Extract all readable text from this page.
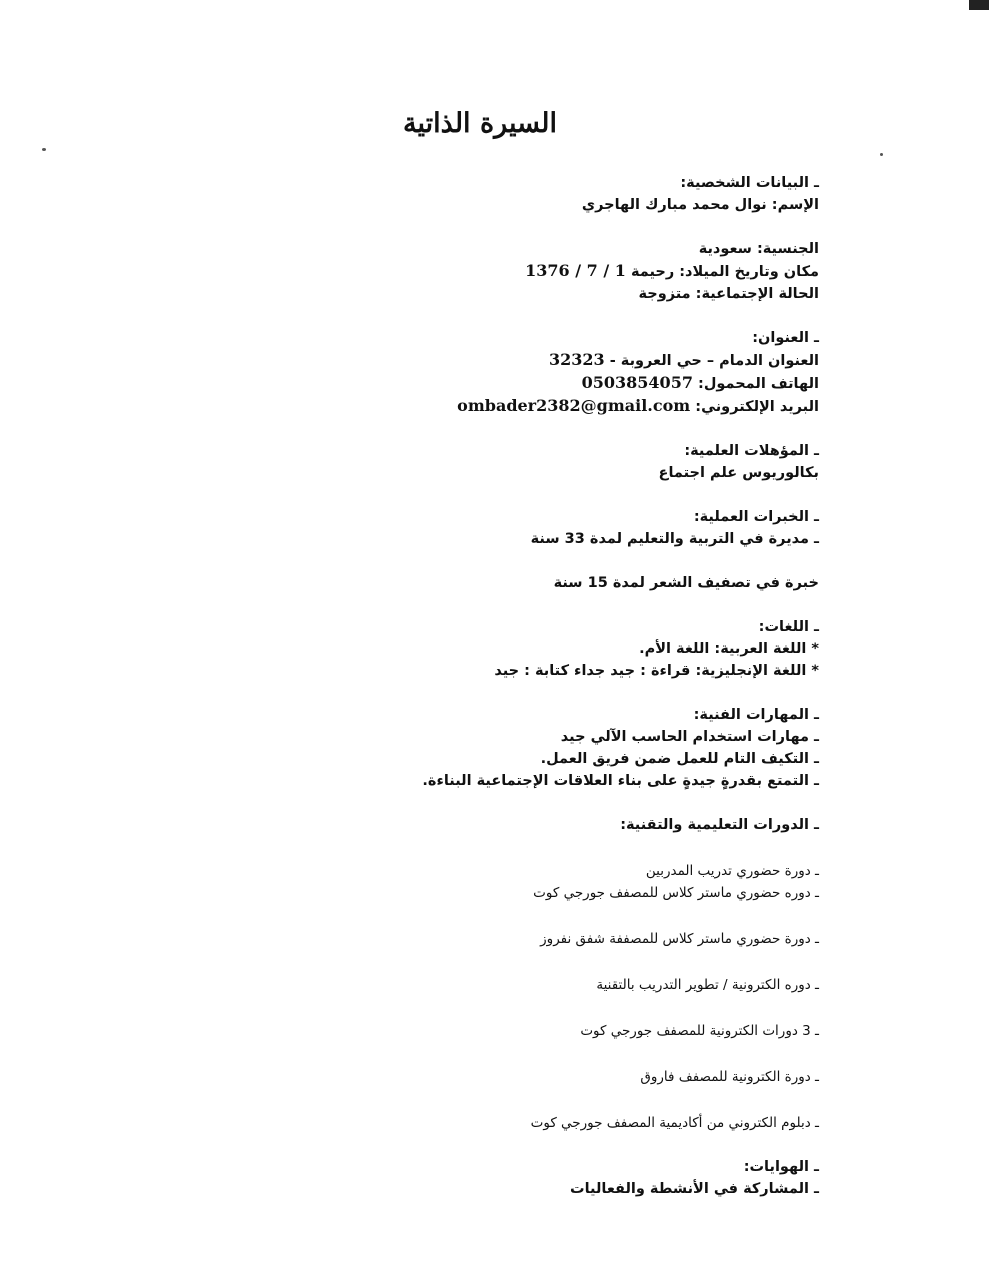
السيرة الذاتية
ـ البيانات الشخصية:
الإسم: نوال محمد مبارك الهاجري
الجنسية: سعودية
مكان وتاريخ الميلاد: رحيمة 1376 / 7 / 1
الحالة الإجتماعية: متزوجة
ـ العنوان:
العنوان الدمام – حي العروبة - 32323
الهاتف المحمول: 0503854057
البريد الإلكتروني: ombader2382@gmail.com
ـ المؤهلات العلمية:
بكالوريوس علم اجتماع
ـ الخبرات العملية:
ـ مديرة في التربية والتعليم لمدة 33 سنة
خبرة في تصفيف الشعر لمدة 15 سنة
ـ اللغات:
* اللغة العربية: اللغة الأم.
* اللغة الإنجليزية: قراءة : جيد جداء كتابة : جيد
ـ المهارات الفنية:
ـ مهارات استخدام الحاسب الآلي جيد
ـ التكيف التام للعمل ضمن فريق العمل.
ـ التمتع بقدرةٍ جيدةٍ على بناء العلاقات الإجتماعية البناءة.
ـ الدورات التعليمية والتقنية:
ـ دورة حضوري تدريب المدربين
ـ دوره حضوري ماستر كلاس للمصفف جورجي كوت
ـ دورة حضوري ماستر كلاس للمصففة شفق نفروز
ـ دوره الكترونية / تطوير التدريب بالتقنية
ـ 3 دورات الكترونية للمصفف جورجي كوت
ـ دورة الكترونية للمصفف فاروق
ـ دبلوم الكتروني من أكاديمية المصفف جورجي كوت
ـ الهوايات:
ـ المشاركة في الأنشطة والفعاليات
